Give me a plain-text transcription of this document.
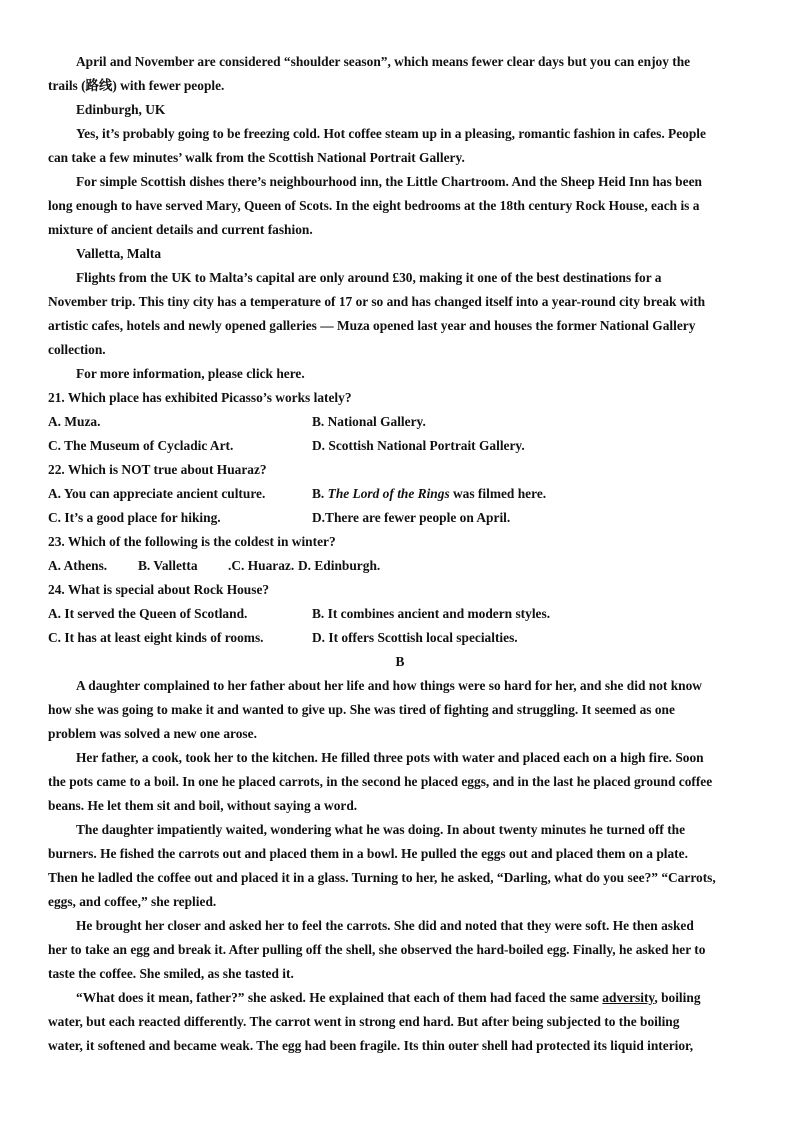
April and November are considered “shoulder season”, which means fewer clear days but you can enjoy the
trails (路线) with fewer people.
Edinburgh, UK
Yes, it’s probably going to be freezing cold. Hot coffee steam up in a pleasing, romantic fashion in cafes. People
can take a few minutes’ walk from the Scottish National Portrait Gallery.
For simple Scottish dishes there’s neighbourhood inn, the Little Chartroom. And the Sheep Heid Inn has been
long enough to have served Mary, Queen of Scots. In the eight bedrooms at the 18th century Rock House, each is a
mixture of ancient details and current fashion.
Valletta, Malta
Flights from the UK to Malta’s capital are only around £30, making it one of the best destinations for a
November trip. This tiny city has a temperature of 17 or so and has changed itself into a year-round city break with
artistic cafes, hotels and newly opened galleries — Muza opened last year and houses the former National Gallery
collection.
For more information, please click here.
21. Which place has exhibited Picasso’s works lately?
A. Muza.	B. National Gallery.
C. The Museum of Cycladic Art.	D. Scottish National Portrait Gallery.
22. Which is NOT true about Huaraz?
A. You can appreciate ancient culture.	B. The Lord of the Rings was filmed here.
C. It’s a good place for hiking.	D.There are fewer people on April.
23. Which of the following is the coldest in winter?
A. Athens. B. Valletta .C. Huaraz. D. Edinburgh.
24. What is special about Rock House?
A. It served the Queen of Scotland.	B. It combines ancient and modern styles.
C. It has at least eight kinds of rooms.	D. It offers Scottish local specialties.
B
A daughter complained to her father about her life and how things were so hard for her, and she did not know
how she was going to make it and wanted to give up. She was tired of fighting and struggling. It seemed as one
problem was solved a new one arose.
Her father, a cook, took her to the kitchen. He filled three pots with water and placed each on a high fire. Soon
the pots came to a boil. In one he placed carrots, in the second he placed eggs, and in the last he placed ground coffee
beans. He let them sit and boil, without saying a word.
The daughter impatiently waited, wondering what he was doing. In about twenty minutes he turned off the
burners. He fished the carrots out and placed them in a bowl. He pulled the eggs out and placed them on a plate.
Then he ladled the coffee out and placed it in a glass. Turning to her, he asked, “Darling, what do you see?” “Carrots,
eggs, and coffee,” she replied.
He brought her closer and asked her to feel the carrots. She did and noted that they were soft. He then asked
her to take an egg and break it. After pulling off the shell, she observed the hard-boiled egg. Finally, he asked her to
taste the coffee. She smiled, as she tasted it.
“What does it mean, father?” she asked. He explained that each of them had faced the same adversity, boiling
water, but each reacted differently. The carrot went in strong end hard. But after being subjected to the boiling
water, it softened and became weak. The egg had been fragile. Its thin outer shell had protected its liquid interior,
